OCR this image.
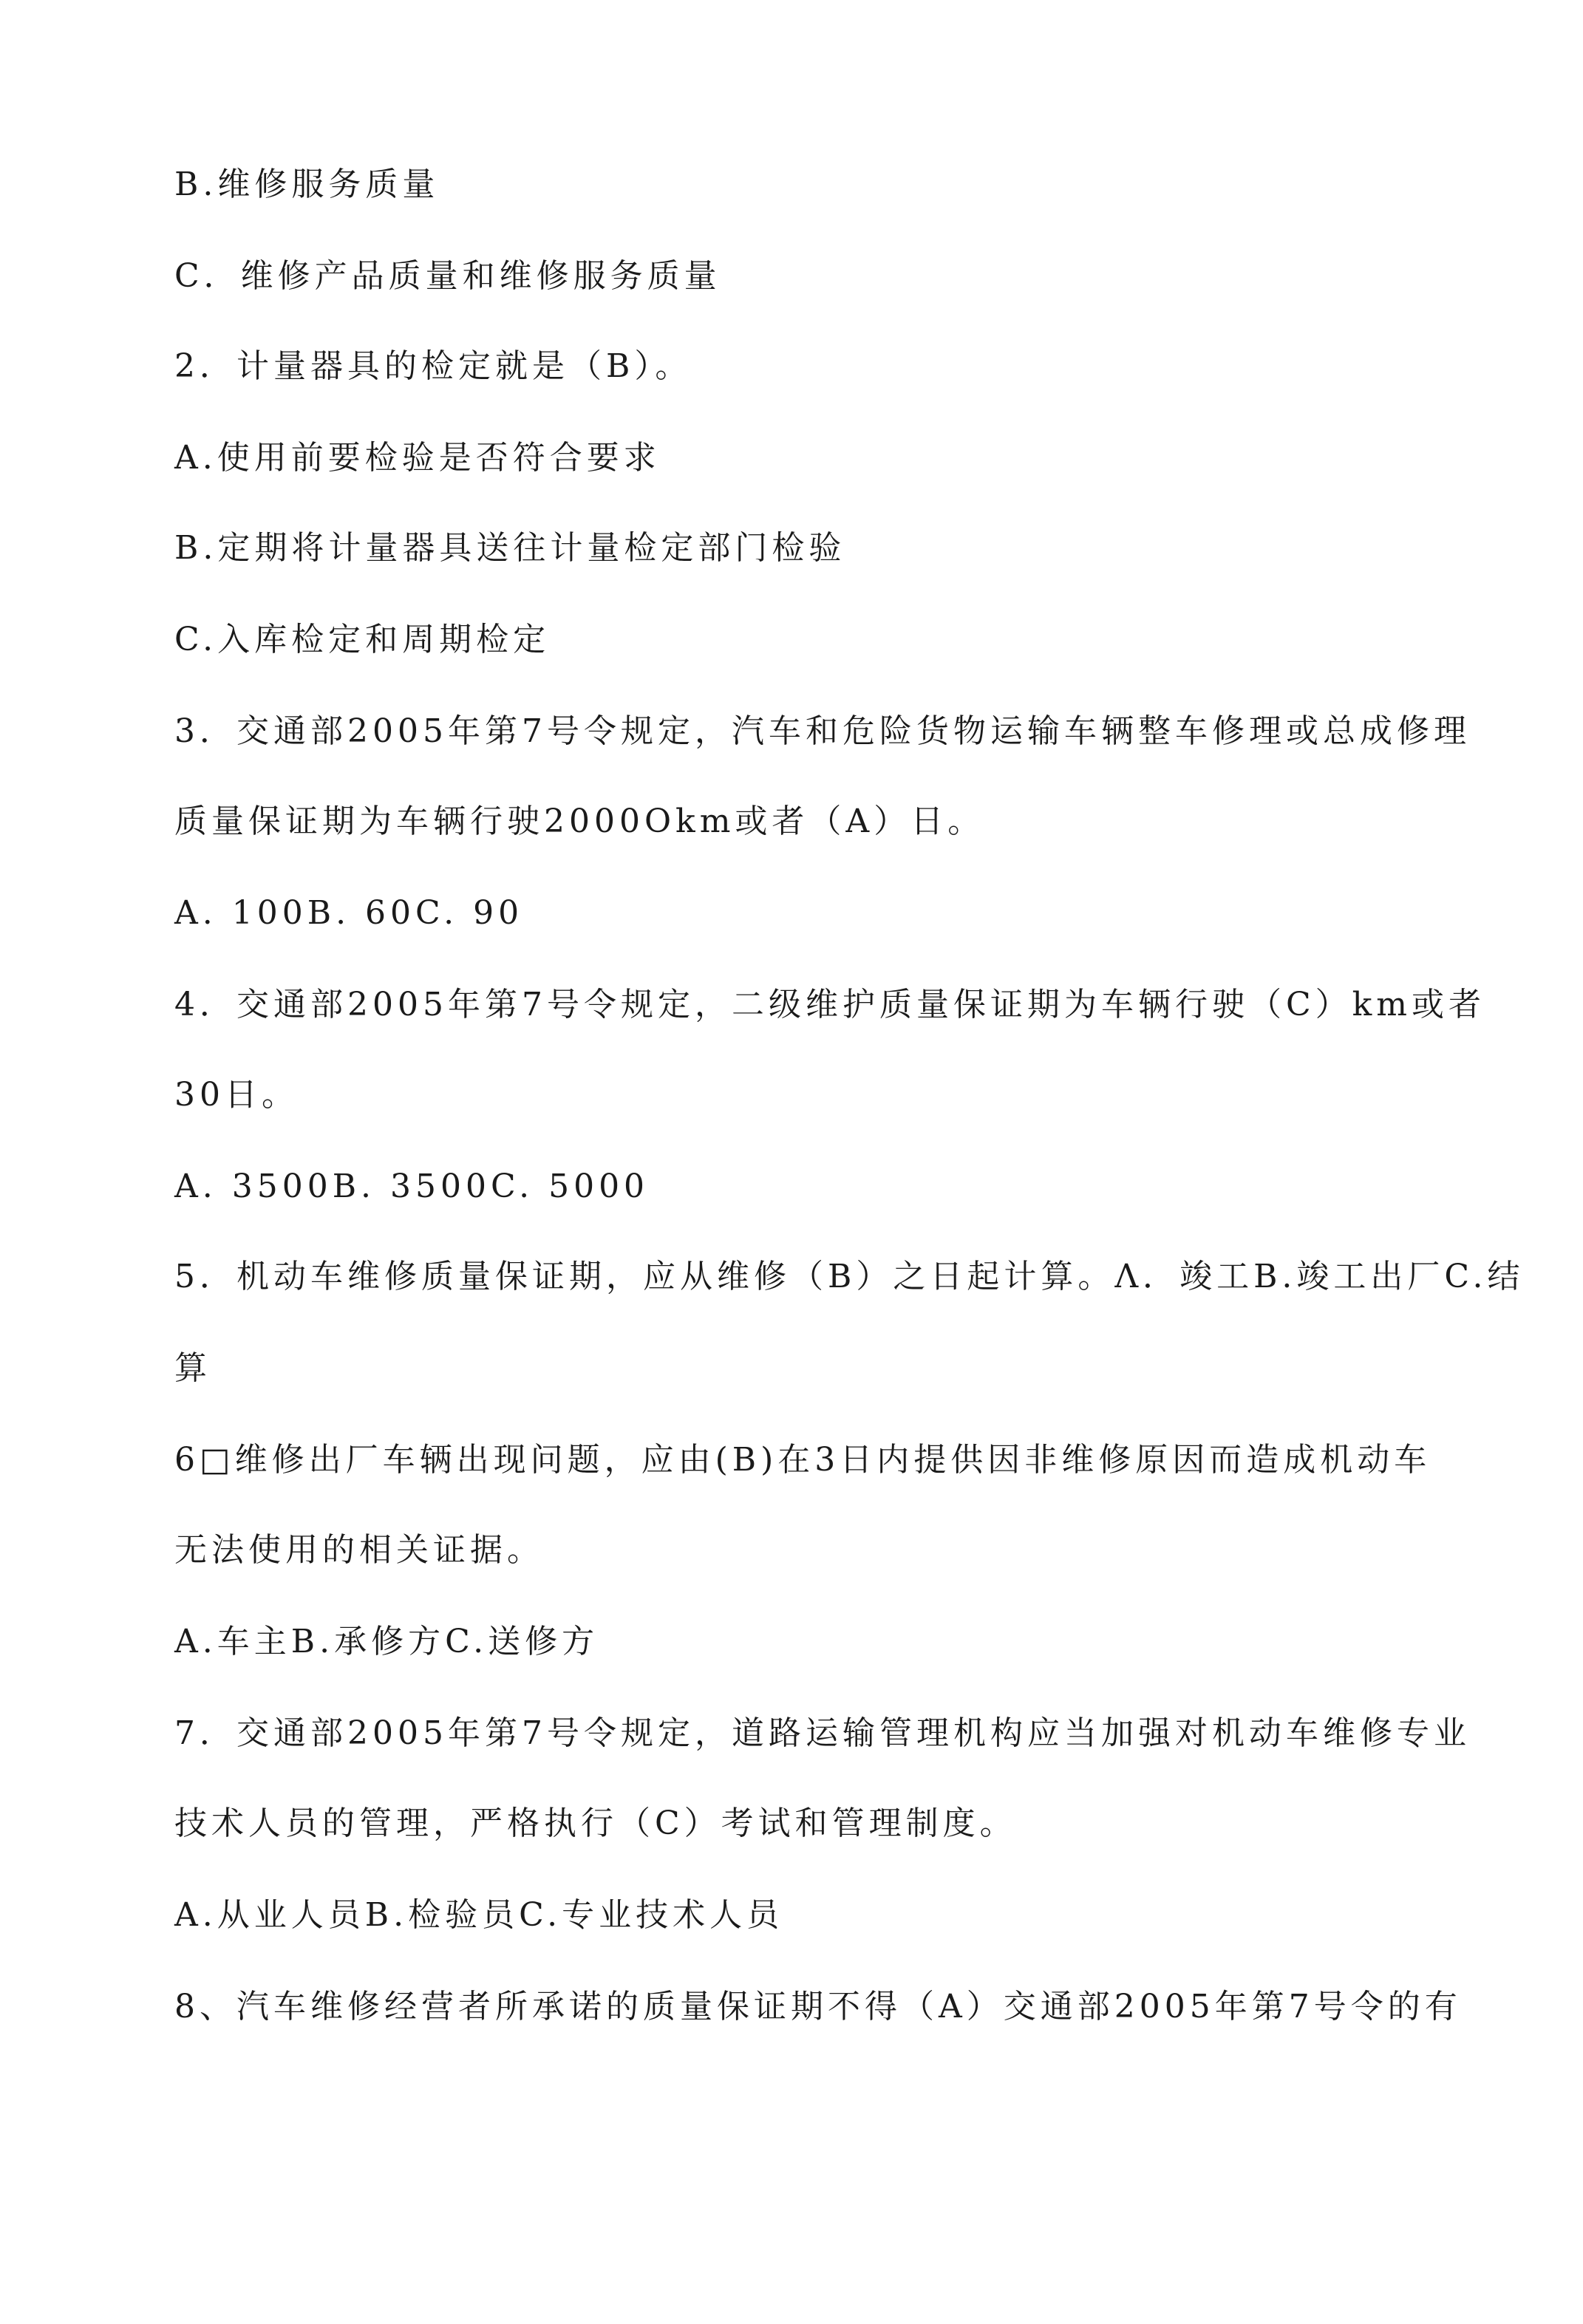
B.维修服务质量

C．维修产品质量和维修服务质量

2．计量器具的检定就是（B）。

A.使用前要检验是否符合要求

B.定期将计量器具送往计量检定部门检验

C.入库检定和周期检定

3．交通部2005年第7号令规定，汽车和危险货物运输车辆整车修理或总成修理

质量保证期为车辆行驶2000Okm或者（A）日。

A. 100B. 60C. 90

4．交通部2005年第7号令规定，二级维护质量保证期为车辆行驶（C）km或者

30日。

A. 3500B. 3500C. 5000

5．机动车维修质量保证期，应从维修（B）之日起计算。Λ．竣工B.竣工出厂C.结

算

6□维修出厂车辆出现问题，应由(B)在3日内提供因非维修原因而造成机动车

无法使用的相关证据。

A.车主B.承修方C.送修方

7．交通部2005年第7号令规定，道路运输管理机构应当加强对机动车维修专业

技术人员的管理，严格执行（C）考试和管理制度。

A.从业人员B.检验员C.专业技术人员

8、汽车维修经营者所承诺的质量保证期不得（A）交通部2005年第7号令的有
